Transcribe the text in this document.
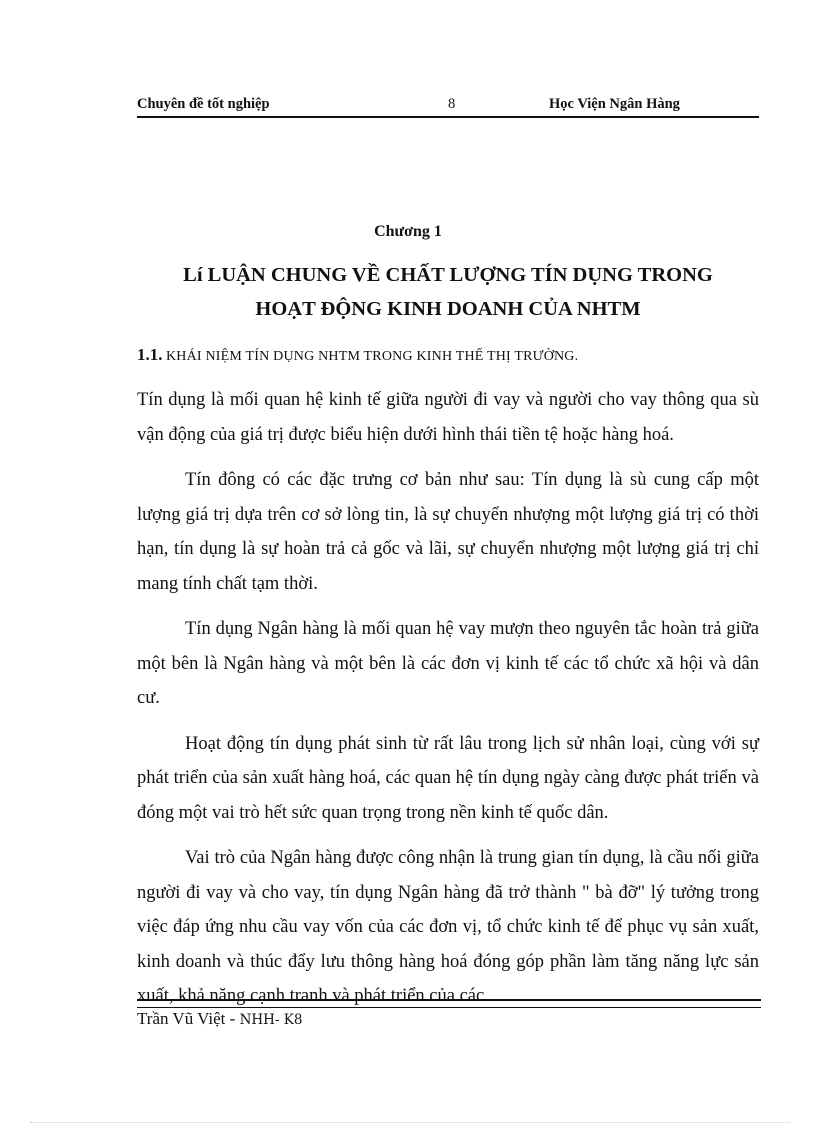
Chuyên đề tốt nghiệp	8	Học Viện Ngân Hàng
Chương 1
Lí LUẬN CHUNG VỀ CHẤT LƯỢNG TÍN DỤNG TRONG
HOẠT ĐỘNG KINH DOANH CỦA NHTM
1.1. KHÁI NIỆM TÍN DỤNG NHTM TRONG KINH THẾ THỊ TRƯỜNG.

Tín dụng là mối quan hệ kinh tế giữa người đi vay và người cho vay thông qua sù vận động của giá trị được biểu hiện dưới hình thái tiền tệ hoặc hàng hoá.

Tín đông có các đặc trưng cơ bản như sau: Tín dụng là sù cung cấp một lượng giá trị dựa trên cơ sở lòng tin, là sự chuyển nhượng một lượng giá trị có thời hạn, tín dụng là sự hoàn trả cả gốc và lãi, sự chuyển nhượng một lượng giá trị chỉ mang tính chất tạm thời.

Tín dụng Ngân hàng là mối quan hệ vay mượn theo nguyên tắc hoàn trả giữa một bên là Ngân hàng và một bên là các đơn vị kinh tế các tổ chức xã hội và dân cư.

Hoạt động tín dụng phát sinh từ rất lâu trong lịch sử nhân loại, cùng với sự phát triển của sản xuất hàng hoá, các quan hệ tín dụng ngày càng được phát triển và đóng một vai trò hết sức quan trọng trong nền kinh tế quốc dân.

Vai trò của Ngân hàng được công nhận là trung gian tín dụng, là cầu nối giữa người đi vay và cho vay, tín dụng Ngân hàng đã trở thành " bà đỡ" lý tưởng trong việc đáp ứng nhu cầu vay vốn của các đơn vị, tổ chức kinh tế để phục vụ sản xuất, kinh doanh và thúc đẩy lưu thông hàng hoá đóng góp phần làm tăng năng lực sản xuất, khả năng cạnh tranh và phát triển của các

Trần Vũ Việt - NHH- K8
